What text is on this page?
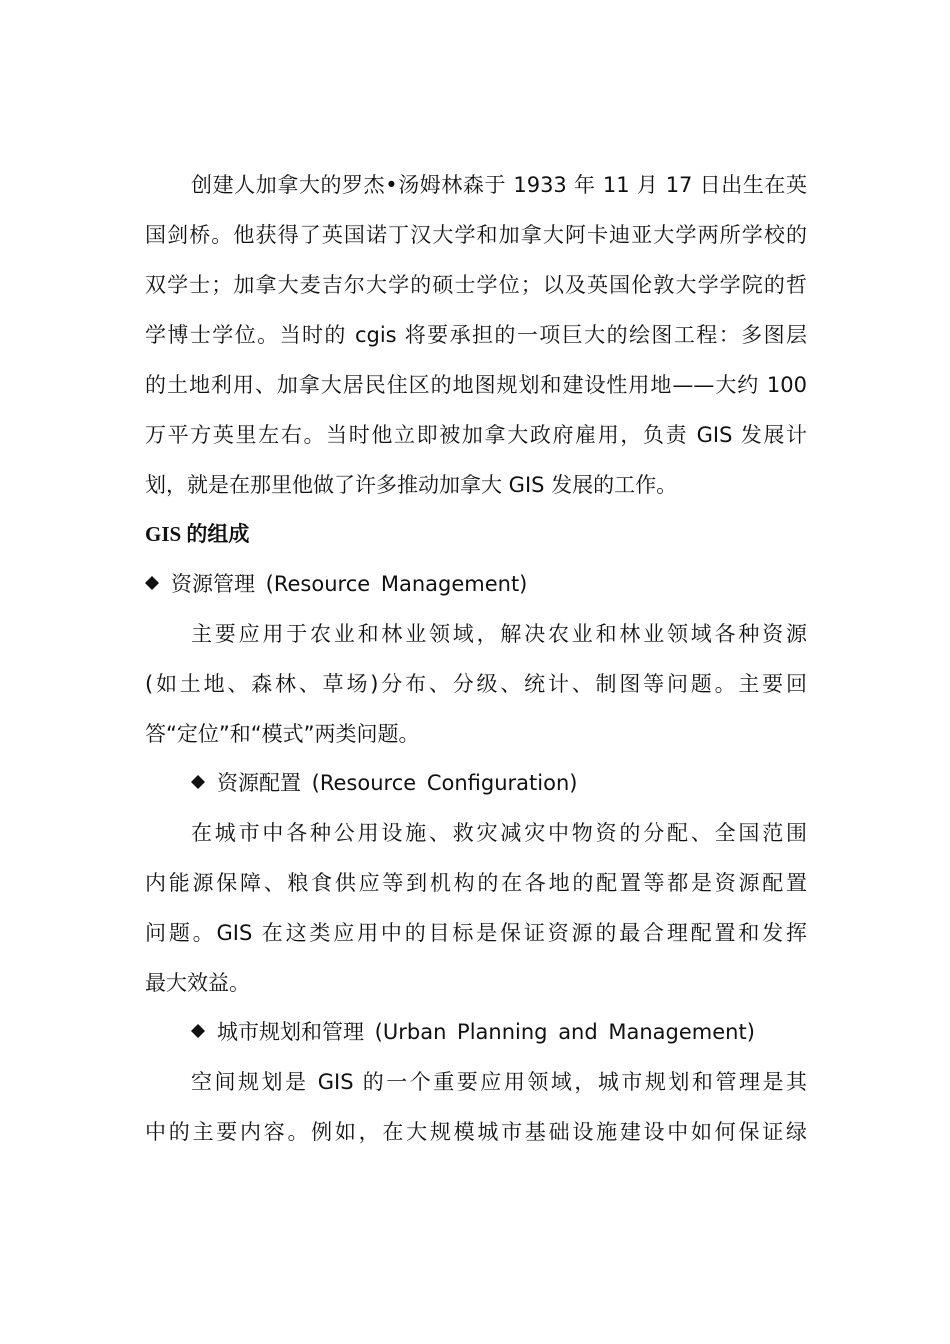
创建人加拿大的罗杰•汤姆林森于 1933 年 11 月 17 日出生在英
国剑桥。他获得了英国诺丁汉大学和加拿大阿卡迪亚大学两所学校的
双学士；加拿大麦吉尔大学的硕士学位；以及英国伦敦大学学院的哲
学博士学位。当时的 cgis 将要承担的一项巨大的绘图工程：多图层
的土地利用、加拿大居民住区的地图规划和建设性用地——大约 100
万平方英里左右。当时他立即被加拿大政府雇用，负责 GIS 发展计
划，就是在那里他做了许多推动加拿大 GIS 发展的工作。
GIS 的组成
资源管理 (Resource Management)
主要应用于农业和林业领域，解决农业和林业领域各种资源
(如土地、森林、草场)分布、分级、统计、制图等问题。主要回
答“定位”和“模式”两类问题。
资源配置 (Resource Configuration)
在城市中各种公用设施、救灾减灾中物资的分配、全国范围
内能源保障、粮食供应等到机构的在各地的配置等都是资源配置
问题。GIS 在这类应用中的目标是保证资源的最合理配置和发挥
最大效益。
城市规划和管理 (Urban Planning and Management)
空间规划是 GIS 的一个重要应用领域，城市规划和管理是其
中的主要内容。例如，在大规模城市基础设施建设中如何保证绿
